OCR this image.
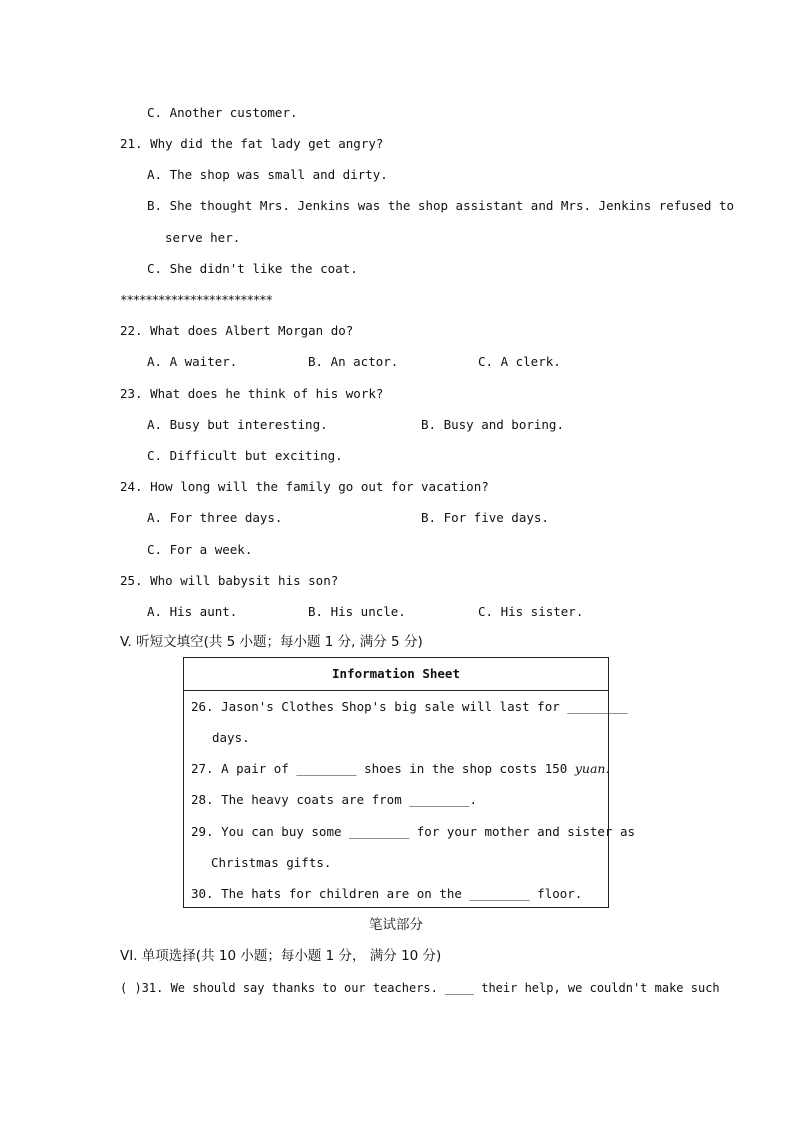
C. Another customer.
21. Why did the fat lady get angry?
A. The shop was small and dirty.
B. She thought Mrs. Jenkins was the shop assistant and Mrs. Jenkins refused to
serve her.
C. She didn't like the coat.
************************
22. What does Albert Morgan do?
A. A waiter.	B. An actor.	C. A clerk.
23. What does he think of his work?
A. Busy but interesting.	B. Busy and boring.
C. Difficult but exciting.
24. How long will the family go out for vacation?
A. For three days.	B. For five days.
C. For a week.
25. Who will babysit his son?
A. His aunt.	B. His uncle.	C. His sister.
V. 听短文填空(共 5 小题；每小题 1 分, 满分 5 分)
Information Sheet
26. Jason's Clothes Shop's big sale will last for ________
days.
27. A pair of ________ shoes in the shop costs 150 yuan.
28. The heavy coats are from ________.
29. You can buy some ________ for your mother and sister as
Christmas gifts.
30. The hats for children are on the ________ floor.
笔试部分
VI. 单项选择(共 10 小题；每小题 1 分， 满分 10 分)
( )31. We should say thanks to our teachers. ____ their help, we couldn't make such
